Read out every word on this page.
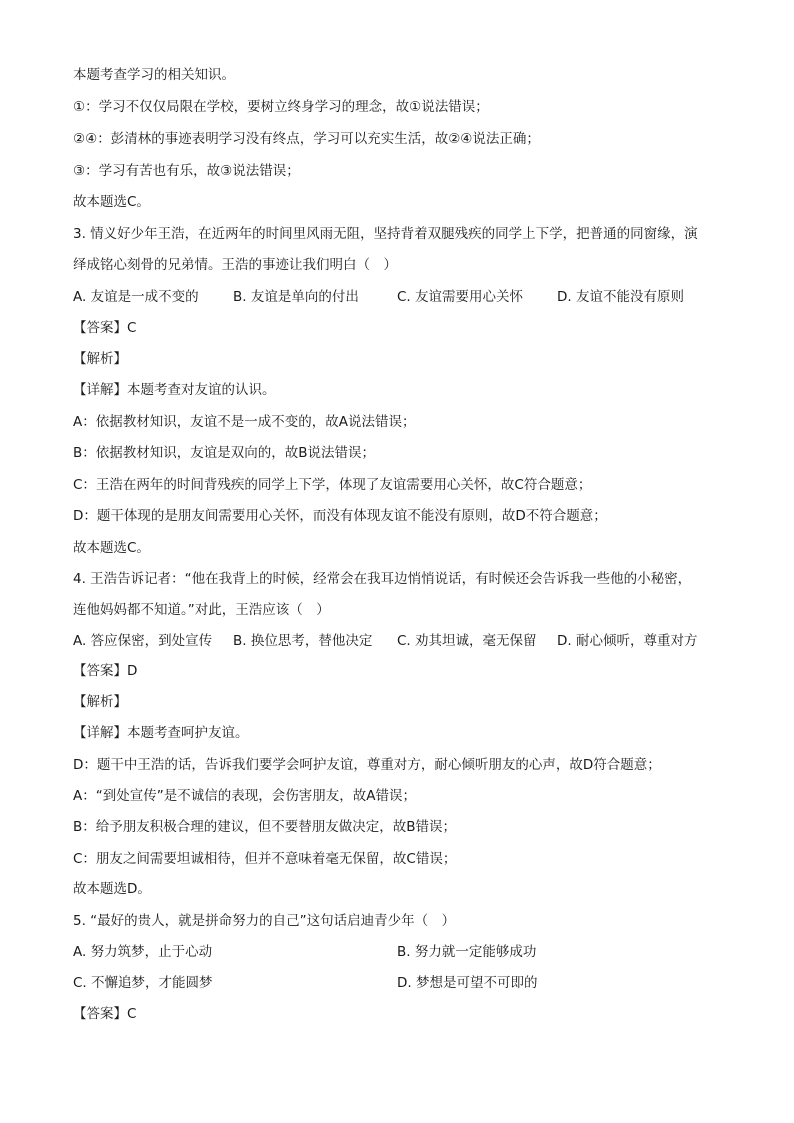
本题考查学习的相关知识。
①：学习不仅仅局限在学校，要树立终身学习的理念，故①说法错误；
②④：彭清林的事迹表明学习没有终点，学习可以充实生活，故②④说法正确；
③：学习有苦也有乐，故③说法错误；
故本题选C。
3. 情义好少年王浩，在近两年的时间里风雨无阻，坚持背着双腿残疾的同学上下学，把普通的同窗缘，演
绎成铭心刻骨的兄弟情。王浩的事迹让我们明白（　）
A. 友谊是一成不变的	B. 友谊是单向的付出	C. 友谊需要用心关怀	D. 友谊不能没有原则
【答案】C
【解析】
【详解】本题考查对友谊的认识。
A：依据教材知识，友谊不是一成不变的，故A说法错误；
B：依据教材知识，友谊是双向的，故B说法错误；
C：王浩在两年的时间背残疾的同学上下学，体现了友谊需要用心关怀，故C符合题意；
D：题干体现的是朋友间需要用心关怀，而没有体现友谊不能没有原则，故D不符合题意；
故本题选C。
4. 王浩告诉记者：“他在我背上的时候，经常会在我耳边悄悄说话，有时候还会告诉我一些他的小秘密，
连他妈妈都不知道。”对此，王浩应该（　）
A. 答应保密，到处宣传 B. 换位思考，替他决定 C. 劝其坦诚，毫无保留 D. 耐心倾听，尊重对方
【答案】D
【解析】
【详解】本题考查呵护友谊。
D：题干中王浩的话，告诉我们要学会呵护友谊，尊重对方，耐心倾听朋友的心声，故D符合题意；
A：“到处宣传”是不诚信的表现，会伤害朋友，故A错误；
B：给予朋友积极合理的建议，但不要替朋友做决定，故B错误；
C：朋友之间需要坦诚相待，但并不意味着毫无保留，故C错误；
故本题选D。
5. “最好的贵人，就是拼命努力的自己”这句话启迪青少年（　）
A. 努力筑梦，止于心动	B. 努力就一定能够成功
C. 不懈追梦，才能圆梦	D. 梦想是可望不可即的
【答案】C
